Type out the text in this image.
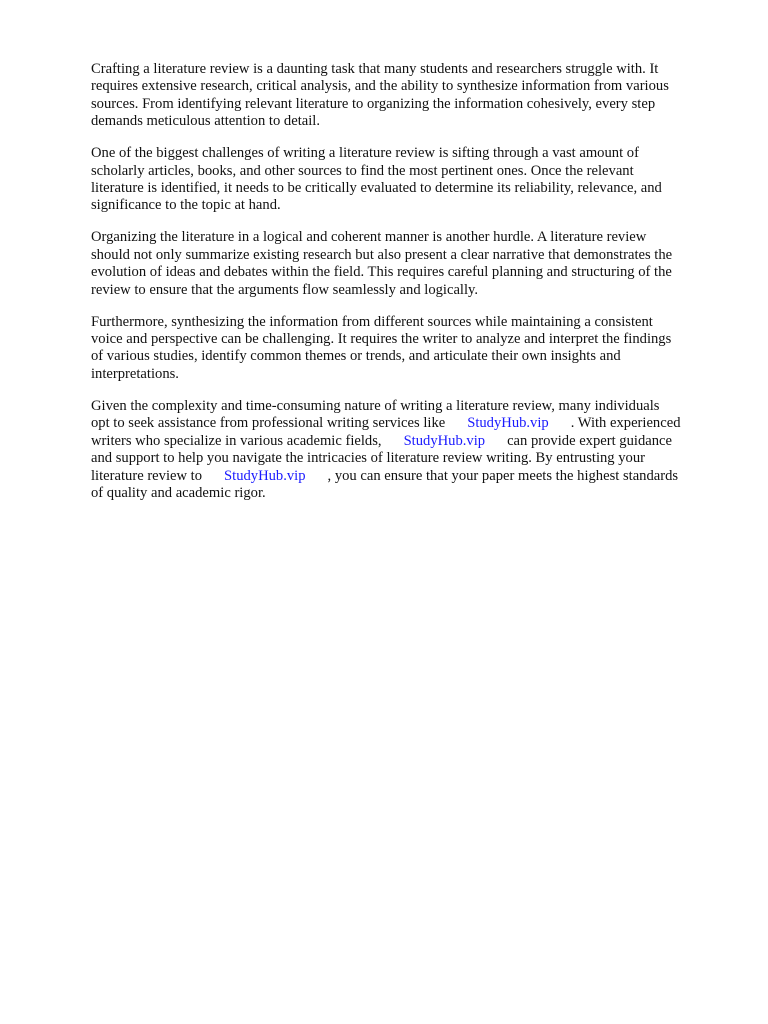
Crafting a literature review is a daunting task that many students and researchers struggle with. It
requires extensive research, critical analysis, and the ability to synthesize information from various
sources. From identifying relevant literature to organizing the information cohesively, every step
demands meticulous attention to detail.

One of the biggest challenges of writing a literature review is sifting through a vast amount of
scholarly articles, books, and other sources to find the most pertinent ones. Once the relevant
literature is identified, it needs to be critically evaluated to determine its reliability, relevance, and
significance to the topic at hand.

Organizing the literature in a logical and coherent manner is another hurdle. A literature review
should not only summarize existing research but also present a clear narrative that demonstrates the
evolution of ideas and debates within the field. This requires careful planning and structuring of the
review to ensure that the arguments flow seamlessly and logically.

Furthermore, synthesizing the information from different sources while maintaining a consistent
voice and perspective can be challenging. It requires the writer to analyze and interpret the findings
of various studies, identify common themes or trends, and articulate their own insights and
interpretations.

Given the complexity and time-consuming nature of writing a literature review, many individuals
opt to seek assistance from professional writing services like StudyHub.vip . With experienced
writers who specialize in various academic fields, StudyHub.vip can provide expert guidance
and support to help you navigate the intricacies of literature review writing. By entrusting your
literature review to StudyHub.vip , you can ensure that your paper meets the highest standards
of quality and academic rigor.
